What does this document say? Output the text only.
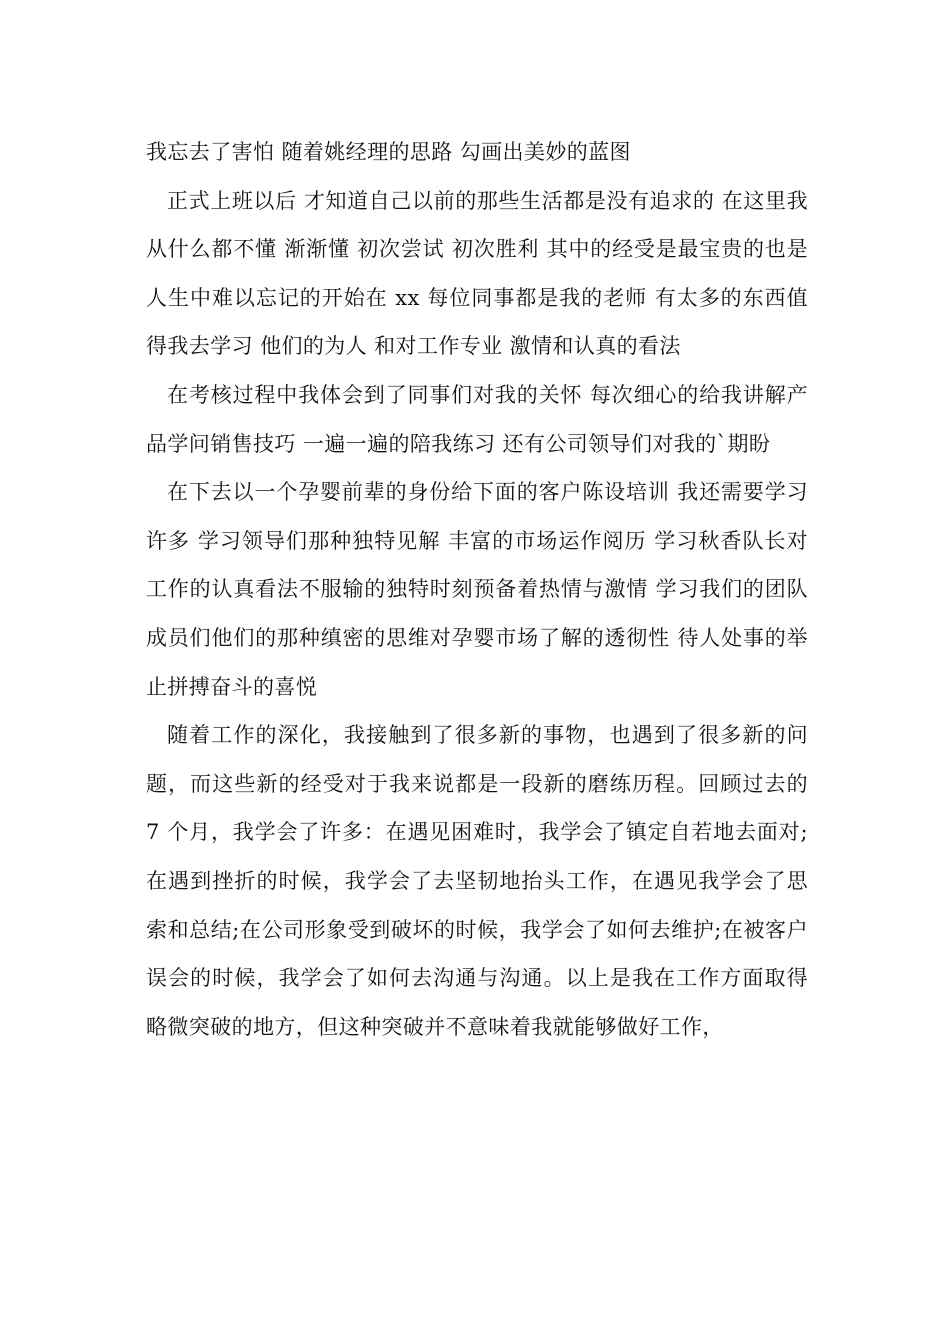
我忘去了害怕 随着姚经理的思路 勾画出美妙的蓝图

正式上班以后 才知道自己以前的那些生活都是没有追求的 在这里我从什么都不懂 渐渐懂 初次尝试 初次胜利 其中的经受是最宝贵的也是人生中难以忘记的开始在 xx 每位同事都是我的老师 有太多的东西值得我去学习 他们的为人 和对工作专业 激情和认真的看法

在考核过程中我体会到了同事们对我的关怀 每次细心的给我讲解产品学问销售技巧 一遍一遍的陪我练习 还有公司领导们对我的`期盼

在下去以一个孕婴前辈的身份给下面的客户陈设培训 我还需要学习许多 学习领导们那种独特见解 丰富的市场运作阅历 学习秋香队长对工作的认真看法不服输的独特时刻预备着热情与激情 学习我们的团队成员们他们的那种缜密的思维对孕婴市场了解的透彻性 待人处事的举止拼搏奋斗的喜悦

随着工作的深化，我接触到了很多新的事物，也遇到了很多新的问题，而这些新的经受对于我来说都是一段新的磨练历程。回顾过去的 7 个月，我学会了许多：在遇见困难时，我学会了镇定自若地去面对;在遇到挫折的时候，我学会了去坚韧地抬头工作，在遇见我学会了思索和总结;在公司形象受到破坏的时候，我学会了如何去维护;在被客户误会的时候，我学会了如何去沟通与沟通。以上是我在工作方面取得略微突破的地方，但这种突破并不意味着我就能够做好工作，
